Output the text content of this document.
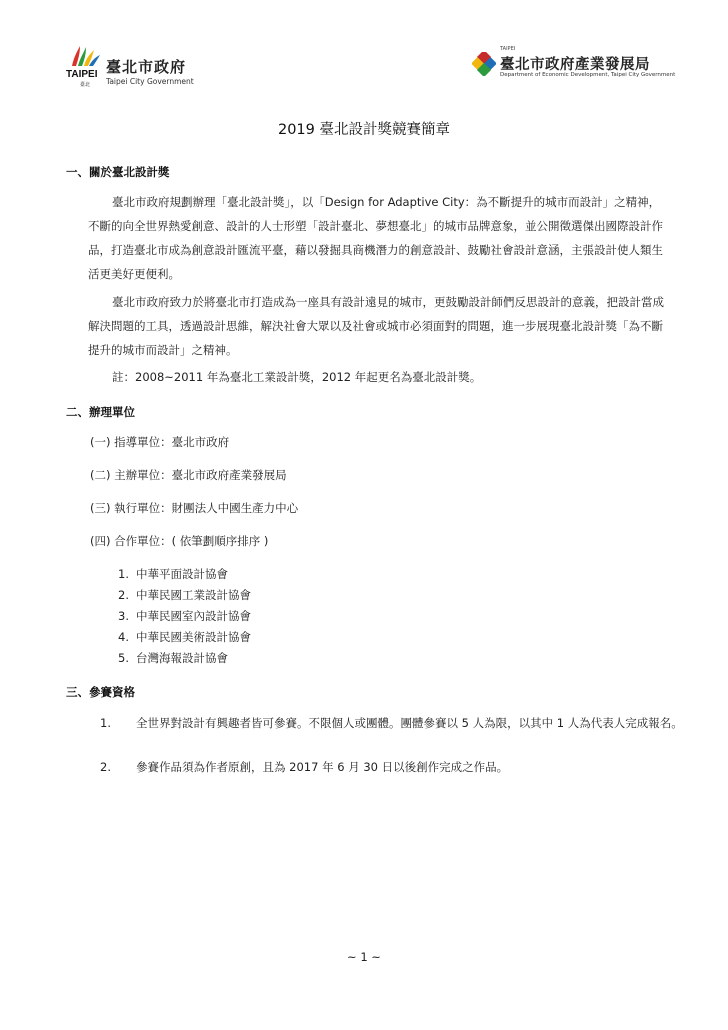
TAIPEI
臺北
臺北市政府
Taipei City Government
TAIPEI
臺北市政府產業發展局
Department of Economic Development, Taipei City Government
2019 臺北設計獎競賽簡章
一、關於臺北設計獎
臺北市政府規劃辦理「臺北設計獎」，以「Design for Adaptive City：為不斷提升的城市而設計」之精神，不斷的向全世界熱愛創意、設計的人士形塑「設計臺北、夢想臺北」的城市品牌意象，並公開徵選傑出國際設計作品，打造臺北市成為創意設計匯流平臺，藉以發掘具商機潛力的創意設計、鼓勵社會設計意涵，主張設計使人類生活更美好更便利。
臺北市政府致力於將臺北市打造成為一座具有設計遠見的城市，更鼓勵設計師們反思設計的意義，把設計當成解決問題的工具，透過設計思維，解決社會大眾以及社會或城市必須面對的問題，進一步展現臺北設計獎「為不斷提升的城市而設計」之精神。
註：2008~2011 年為臺北工業設計獎，2012 年起更名為臺北設計獎。
二、辦理單位
(一) 指導單位：臺北市政府
(二) 主辦單位：臺北市政府產業發展局
(三) 執行單位：財團法人中國生產力中心
(四) 合作單位：( 依筆劃順序排序 )
1. 中華平面設計協會
2. 中華民國工業設計協會
3. 中華民國室內設計協會
4. 中華民國美術設計協會
5. 台灣海報設計協會
三、參賽資格
1. 全世界對設計有興趣者皆可參賽。不限個人或團體。團體參賽以 5 人為限，以其中 1 人為代表人完成報名。
2. 參賽作品須為作者原創，且為 2017 年 6 月 30 日以後創作完成之作品。
~ 1 ~
